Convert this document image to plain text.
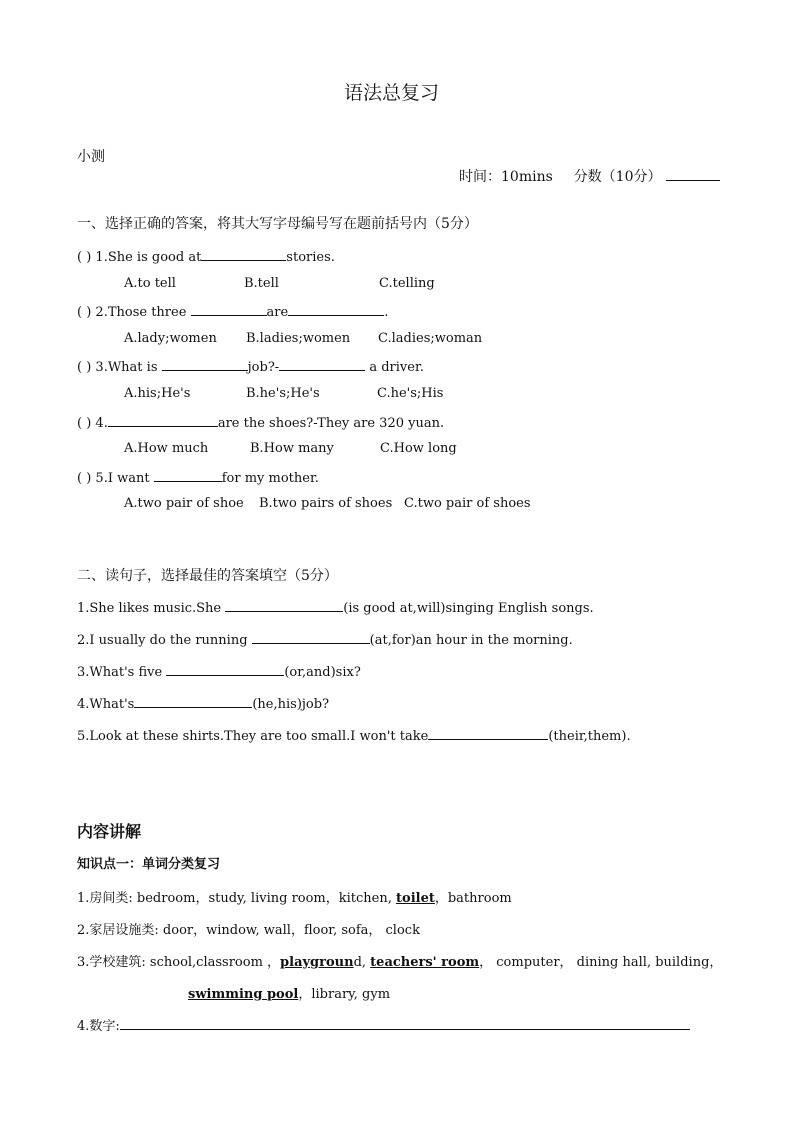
语法总复习
小测
时间：10mins 分数（10分）
一、选择正确的答案，将其大写字母编号写在题前括号内（5分）
( ) 1.She is good at	stories.
A.to tell	B.tell	C.telling
( ) 2.Those three	are	.
A.lady;women B.ladies;women C.ladies;woman
( ) 3.What is	job?-	a driver.
A.his;He's	B.he's;He's	C.he's;His
( ) 4.	are the shoes?-They are 320 yuan.
A.How much	B.How many	C.How long
( ) 5.I want	for my mother.
A.two pair of shoe B.two pairs of shoes C.two pair of shoes
二、读句子，选择最佳的答案填空（5分）
1.She likes music.She	(is good at,will)singing English songs.
2.I usually do the running	(at,for)an hour in the morning.
3.What's five	(or,and)six?
4.What's	(he,his)job?
5.Look at these shirts.They are too small.I won't take	(their,them).
内容讲解
知识点一：单词分类复习
1.房间类: bedroom，study, living room，kitchen, toilet，bathroom
2.家居设施类: door，window, wall，floor, sofa， clock
3.学校建筑: school,classroom ，playground, teachers' room， computer， dining hall, building，
swimming pool，library, gym
4.数字:
